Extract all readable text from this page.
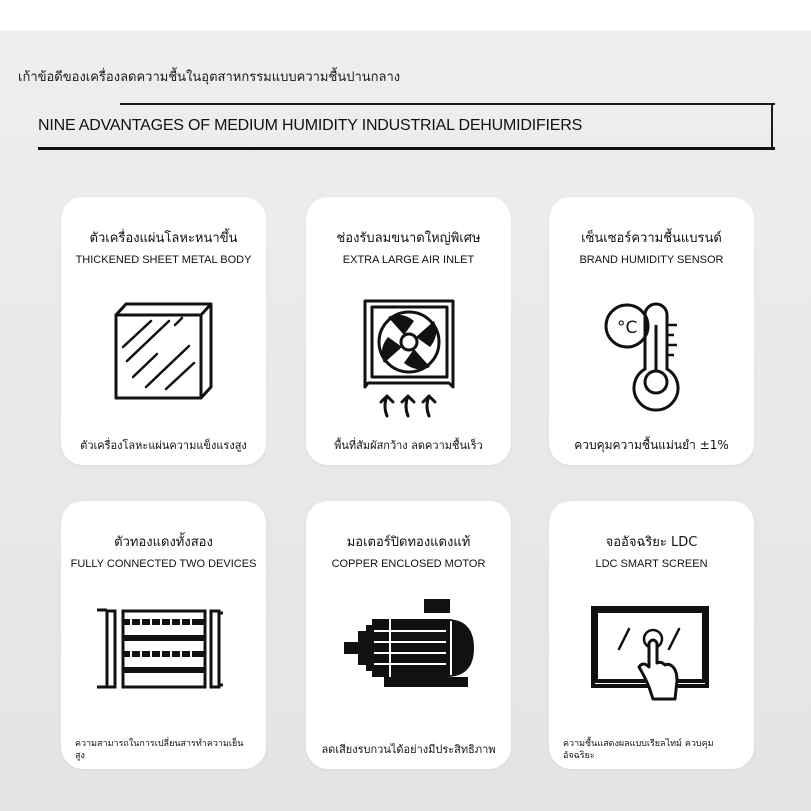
เก้าข้อดีของเครื่องลดความชื้นในอุตสาหกรรมแบบความชื้นปานกลาง
NINE ADVANTAGES OF MEDIUM HUMIDITY INDUSTRIAL DEHUMIDIFIERS
ตัวเครื่องแผ่นโลหะหนาขึ้น
THICKENED SHEET METAL BODY
ตัวเครื่องโลหะแผ่นความแข็งแรงสูง
ช่องรับลมขนาดใหญ่พิเศษ
EXTRA LARGE AIR INLET
พื้นที่สัมผัสกว้าง ลดความชื้นเร็ว
เซ็นเซอร์ความชื้นแบรนด์
BRAND HUMIDITY SENSOR
°C
ควบคุมความชื้นแม่นยำ ±1%
ตัวทองแดงทั้งสอง
FULLY CONNECTED TWO DEVICES
ความสามารถในการเปลี่ยนสารทำความเย็นสูง
มอเตอร์ปิดทองแดงแท้
COPPER ENCLOSED MOTOR
ลดเสียงรบกวนได้อย่างมีประสิทธิภาพ
จออัจฉริยะ LDC
LDC SMART SCREEN
ความชื้นแสดงผลแบบเรียลไทม์ ควบคุมอัจฉริยะ
